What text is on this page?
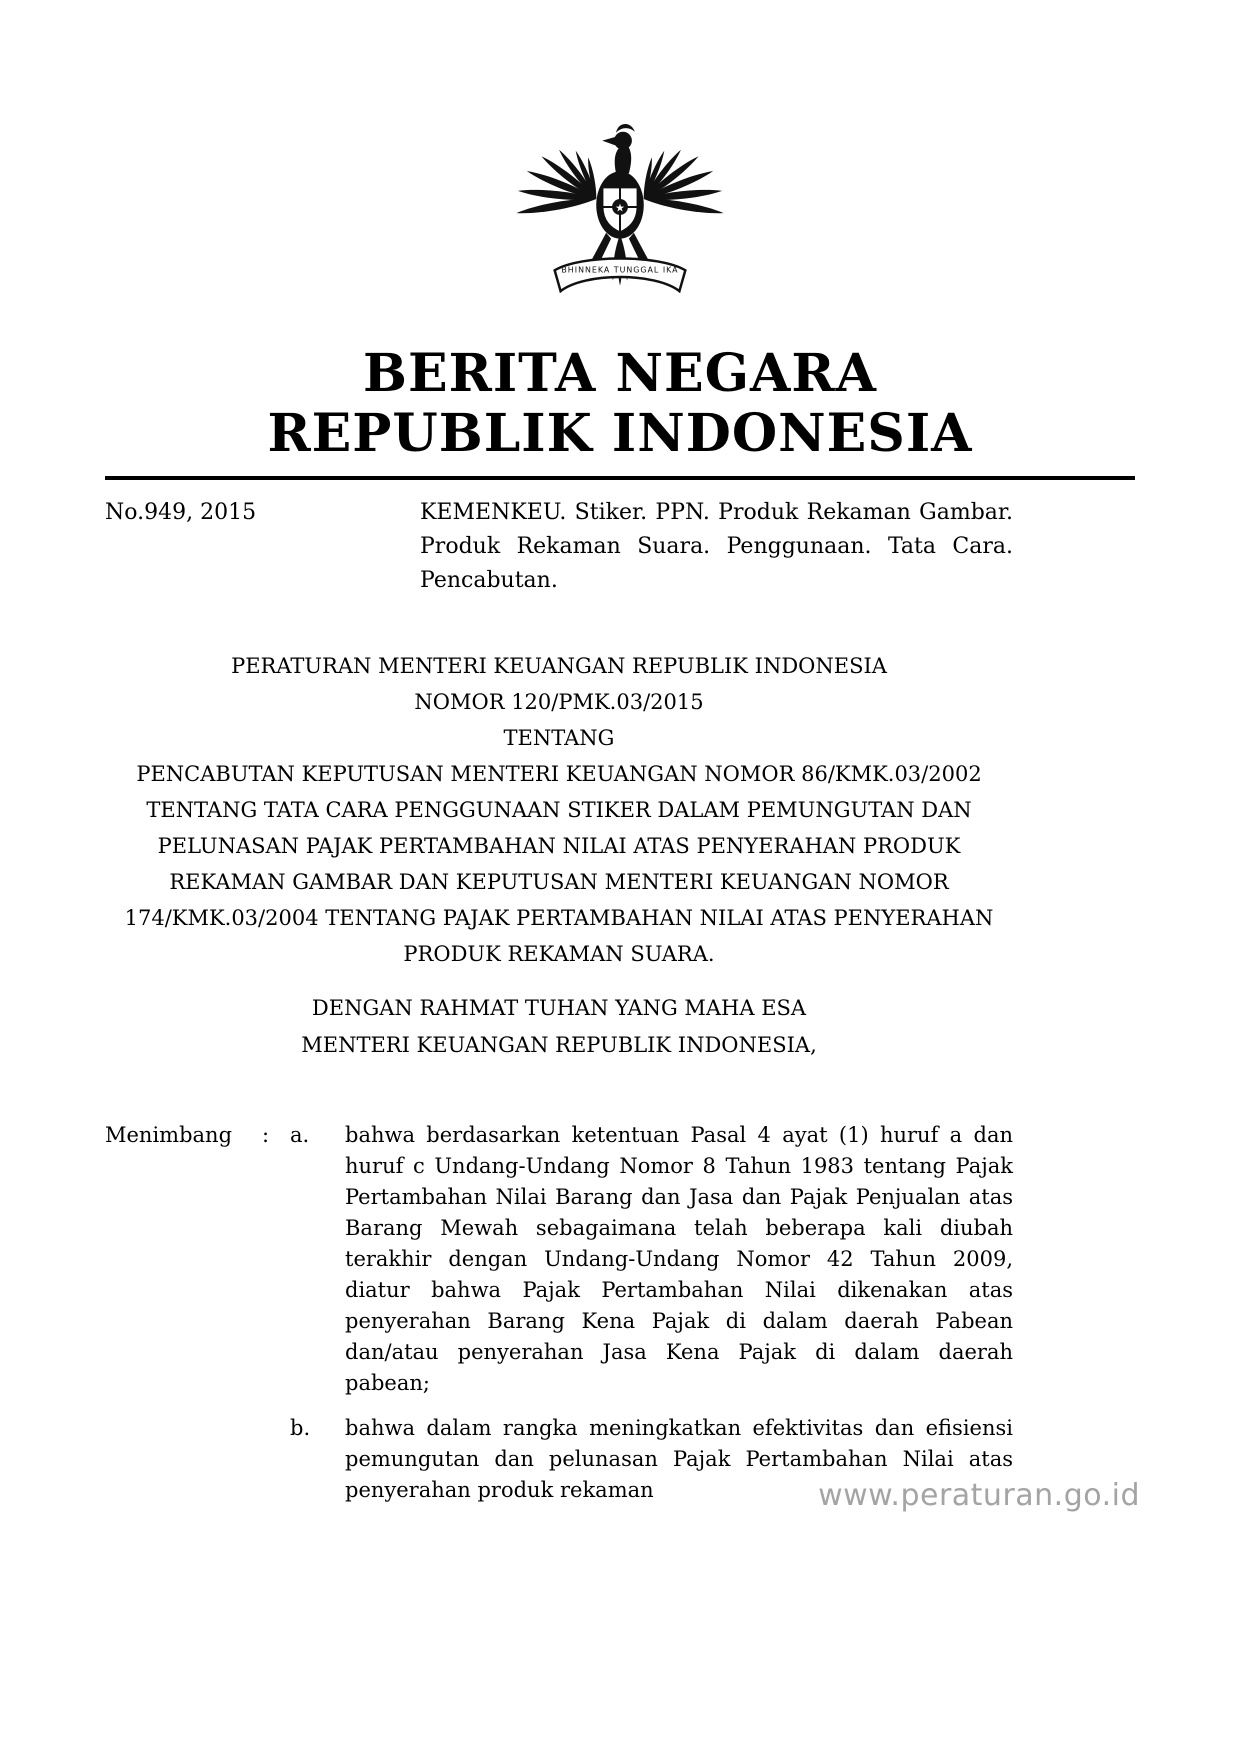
★
BHINNEKA TUNGGAL IKA
BERITA NEGARA
REPUBLIK INDONESIA
No.949, 2015	KEMENKEU. Stiker. PPN. Produk Rekaman Gambar. Produk Rekaman Suara. Penggunaan. Tata Cara. Pencabutan.

PERATURAN MENTERI KEUANGAN REPUBLIK INDONESIA

NOMOR 120/PMK.03/2015

TENTANG

PENCABUTAN KEPUTUSAN MENTERI KEUANGAN NOMOR 86/KMK.03/2002 TENTANG TATA CARA PENGGUNAAN STIKER DALAM PEMUNGUTAN DAN PELUNASAN PAJAK PERTAMBAHAN NILAI ATAS PENYERAHAN PRODUK REKAMAN GAMBAR DAN KEPUTUSAN MENTERI KEUANGAN NOMOR 174/KMK.03/2004 TENTANG PAJAK PERTAMBAHAN NILAI ATAS PENYERAHAN PRODUK REKAMAN SUARA.

DENGAN RAHMAT TUHAN YANG MAHA ESA

MENTERI KEUANGAN REPUBLIK INDONESIA,

Menimbang	: a.	bahwa berdasarkan ketentuan Pasal 4 ayat (1) huruf a dan huruf c Undang-Undang Nomor 8 Tahun 1983 tentang Pajak Pertambahan Nilai Barang dan Jasa dan Pajak Penjualan atas Barang Mewah sebagaimana telah beberapa kali diubah terakhir dengan Undang-Undang Nomor 42 Tahun 2009, diatur bahwa Pajak Pertambahan Nilai dikenakan atas penyerahan Barang Kena Pajak di dalam daerah Pabean dan/atau penyerahan Jasa Kena Pajak di dalam daerah pabean;
b.	bahwa dalam rangka meningkatkan efektivitas dan efisiensi pemungutan dan pelunasan Pajak Pertambahan Nilai atas penyerahan produk rekaman	www.peraturan.go.id
